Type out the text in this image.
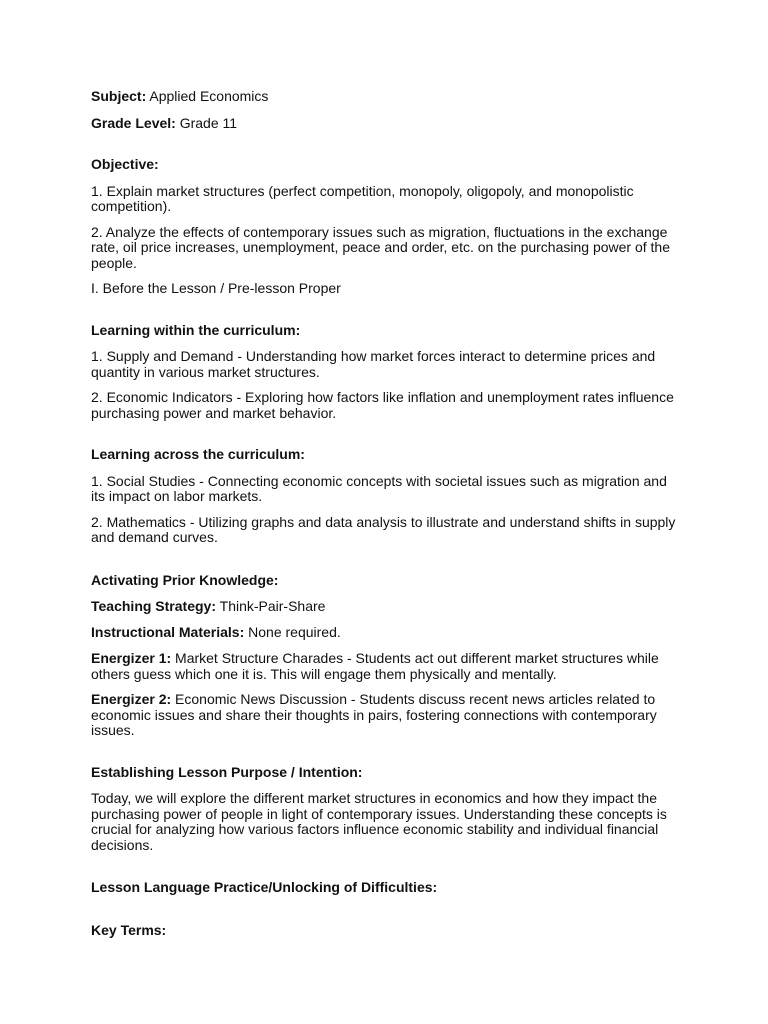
Subject: Applied Economics

Grade Level: Grade 11

Objective:

1. Explain market structures (perfect competition, monopoly, oligopoly, and monopolistic competition).

2. Analyze the effects of contemporary issues such as migration, fluctuations in the exchange rate, oil price increases, unemployment, peace and order, etc. on the purchasing power of the people.

I. Before the Lesson / Pre-lesson Proper

Learning within the curriculum:

1. Supply and Demand - Understanding how market forces interact to determine prices and quantity in various market structures.

2. Economic Indicators - Exploring how factors like inflation and unemployment rates influence purchasing power and market behavior.

Learning across the curriculum:

1. Social Studies - Connecting economic concepts with societal issues such as migration and its impact on labor markets.

2. Mathematics - Utilizing graphs and data analysis to illustrate and understand shifts in supply and demand curves.

Activating Prior Knowledge:

Teaching Strategy: Think-Pair-Share

Instructional Materials: None required.

Energizer 1: Market Structure Charades - Students act out different market structures while others guess which one it is. This will engage them physically and mentally.

Energizer 2: Economic News Discussion - Students discuss recent news articles related to economic issues and share their thoughts in pairs, fostering connections with contemporary issues.

Establishing Lesson Purpose / Intention:

Today, we will explore the different market structures in economics and how they impact the purchasing power of people in light of contemporary issues. Understanding these concepts is crucial for analyzing how various factors influence economic stability and individual financial decisions.

Lesson Language Practice/Unlocking of Difficulties:

Key Terms:
